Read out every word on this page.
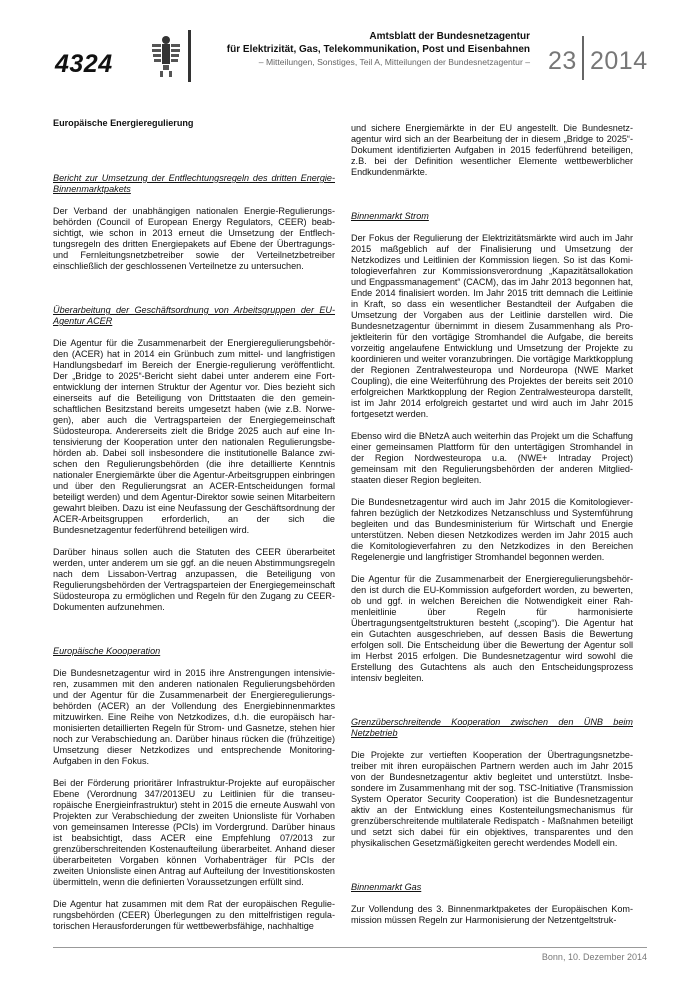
4324
Amtsblatt der Bundesnetzagentur
für Elektrizität, Gas, Telekommunikation, Post und Eisenbahnen
– Mitteilungen, Sonstiges, Teil A, Mitteilungen der Bundesnetzagentur – 23 2014

Europäische Energieregulierung

Bericht zur Umsetzung der Entflechtungsregeln des dritten Energie-Binnenmarktpakets

Der Verband der unabhängigen nationalen Energie-Regulierungsbehörden (Council of European Energy Regulators, CEER) beabsichtigt, wie schon in 2013 erneut die Umsetzung der Entflechtungsregeln des dritten Energiepakets auf Ebene der Übertragungs- und Fernleitungsnetzbetreiber sowie der Verteilnetzbetreiber einschließlich der geschlossenen Verteilnetze zu untersuchen.

Überarbeitung der Geschäftsordnung von Arbeitsgruppen der EU-Agentur ACER

Die Agentur für die Zusammenarbeit der Energieregulierungsbehörden (ACER) hat in 2014 ein Grünbuch zum mittel- und langfristigen Handlungsbedarf im Bereich der Energie-regulierung veröffentlicht. Der „Bridge to 2025“-Bericht sieht dabei unter anderem eine Fortentwicklung der internen Struktur der Agentur vor. Dies bezieht sich einerseits auf die Beteiligung von Drittstaaten die den gemeinschaftlichen Besitzstand bereits umgesetzt haben (wie z.B. Norwegen), aber auch die Vertragsparteien der Energiegemeinschaft Südosteuropa. Andererseits zielt die Bridge 2025 auch auf eine Intensivierung der Kooperation unter den nationalen Regulierungsbehörden ab. Dabei soll insbesondere die institutionelle Balance zwischen den Regulierungsbehörden (die ihre detaillierte Kenntnis nationaler Energiemärkte über die Agentur-Arbeitsgruppen einbringen und über den Regulierungsrat an ACER-Entscheidungen formal beteiligt werden) und dem Agentur-Direktor sowie seinen Mitarbeitern gewahrt bleiben. Dazu ist eine Neufassung der Geschäftsordnung der ACER-Arbeitsgruppen erforderlich, an der sich die Bundesnetzagentur federführend beteiligen wird.

Darüber hinaus sollen auch die Statuten des CEER überarbeitet werden, unter anderem um sie ggf. an die neuen Abstimmungsregeln nach dem Lissabon-Vertrag anzupassen, die Beteiligung von Regulierungsbehörden der Vertragsparteien der Energiegemeinschaft Südosteuropa zu ermöglichen und Regeln für den Zugang zu CEER-Dokumenten aufzunehmen.

Europäische Koooperation

Die Bundesnetzagentur wird in 2015 ihre Anstrengungen intensivieren, zusammen mit den anderen nationalen Regulierungsbehörden und der Agentur für die Zusammenarbeit der Energieregulierungsbehörden (ACER) an der Vollendung des Energiebinnenmarktes mitzuwirken. Eine Reihe von Netzkodizes, d.h. die europäisch harmonisierten detaillierten Regeln für Strom- und Gasnetze, stehen hier noch zur Verabschiedung an. Darüber hinaus rücken die (frühzeitige) Umsetzung dieser Netzkodizes und entsprechende Monitoring-Aufgaben in den Fokus.

Bei der Förderung prioritärer Infrastruktur-Projekte auf europäischer Ebene (Verordnung 347/2013EU zu Leitlinien für die transeuropäische Energieinfrastruktur) steht in 2015 die erneute Auswahl von Projekten zur Verabschiedung der zweiten Unionsliste für Vorhaben von gemeinsamen Interesse (PCIs) im Vordergrund. Darüber hinaus ist beabsichtigt, dass ACER eine Empfehlung 07/2013 zur grenzüberschreitenden Kostenaufteilung überarbeitet. Anhand dieser überarbeiteten Vorgaben können Vorhabenträger für PCIs der zweiten Unionsliste einen Antrag auf Aufteilung der Investitionskosten übermitteln, wenn die definierten Voraussetzungen erfüllt sind.

Die Agentur hat zusammen mit dem Rat der europäischen Regulierungsbehörden (CEER) Überlegungen zu den mittelfristigen regulatorischen Herausforderungen für wettbewerbsfähige, nachhaltige

und sichere Energiemärkte in der EU angestellt. Die Bundesnetzagentur wird sich an der Bearbeitung der in diesem „Bridge to 2025“-Dokument identifizierten Aufgaben in 2015 federführend beteiligen, z.B. bei der Definition wesentlicher Elemente wettbewerblicher Endkundenmärkte.

Binnenmarkt Strom

Der Fokus der Regulierung der Elektrizitätsmärkte wird auch im Jahr 2015 maßgeblich auf der Finalisierung und Umsetzung der Netzkodizes und Leitlinien der Kommission liegen. So ist das Komitologieverfahren zur Kommissionsverordnung „Kapazitätsallokation und Engpassmanagement“ (CACM), das im Jahr 2013 begonnen hat, Ende 2014 finalisiert worden. Im Jahr 2015 tritt demnach die Leitlinie in Kraft, so dass ein wesentlicher Bestandteil der Aufgaben die Umsetzung der Vorgaben aus der Leitlinie darstellen wird. Die Bundesnetzagentur übernimmt in diesem Zusammenhang als Projektleiterin für den vortägige Stromhandel die Aufgabe, die bereits vorzeitig angelaufene Entwicklung und Umsetzung der Projekte zu koordinieren und weiter voranzubringen. Die vortägige Marktkopplung der Regionen Zentralwesteuropa und Nordeuropa (NWE Market Coupling), die eine Weiterführung des Projektes der bereits seit 2010 erfolgreichen Marktkopplung der Region Zentralwesteuropa darstellt, ist im Jahr 2014 erfolgreich gestartet und wird auch im Jahr 2015 fortgesetzt werden.

Ebenso wird die BNetzA auch weiterhin das Projekt um die Schaffung einer gemeinsamen Plattform für den untertägigen Stromhandel in der Region Nordwesteuropa u.a. (NWE+ Intraday Project) gemeinsam mit den Regulierungsbehörden der anderen Mitgliedstaaten dieser Region begleiten.

Die Bundesnetzagentur wird auch im Jahr 2015 die Komitologieverfahren bezüglich der Netzkodizes Netzanschluss und Systemführung begleiten und das Bundesministerium für Wirtschaft und Energie unterstützen. Neben diesen Netzkodizes werden im Jahr 2015 auch die Komitologieverfahren zu den Netzkodizes in den Bereichen Regelenergie und langfristiger Stromhandel begonnen werden.

Die Agentur für die Zusammenarbeit der Energieregulierungsbehörden ist durch die EU-Kommission aufgefordert worden, zu bewerten, ob und ggf. in welchen Bereichen die Notwendigkeit einer Rahmenleitlinie über Regeln für harmonisierte Übertragungsentgeltstrukturen besteht („scoping“). Die Agentur hat ein Gutachten ausgeschrieben, auf dessen Basis die Bewertung erfolgen soll. Die Entscheidung über die Bewertung der Agentur soll im Herbst 2015 erfolgen. Die Bundesnetzagentur wird sowohl die Erstellung des Gutachtens als auch den Entscheidungsprozess intensiv begleiten.

Grenzüberschreitende Kooperation zwischen den ÜNB beim Netzbetrieb

Die Projekte zur vertieften Kooperation der Übertragungsnetzbetreiber mit ihren europäischen Partnern werden auch im Jahr 2015 von der Bundesnetzagentur aktiv begleitet und unterstützt. Insbesondere im Zusammenhang mit der sog. TSC-Initiative (Transmission System Operator Security Cooperation) ist die Bundesnetzagentur aktiv an der Entwicklung eines Kostenteilungsmechanismus für grenzüberschreitende multilaterale Redispatch - Maßnahmen beteiligt und setzt sich dabei für ein objektives, transparentes und den physikalischen Gesetzmäßigkeiten gerecht werdendes Modell ein.

Binnenmarkt Gas

Zur Vollendung des 3. Binnenmarktpaketes der Europäischen Kommission müssen Regeln zur Harmonisierung der Netzentgeltstruk-

Bonn, 10. Dezember 2014
